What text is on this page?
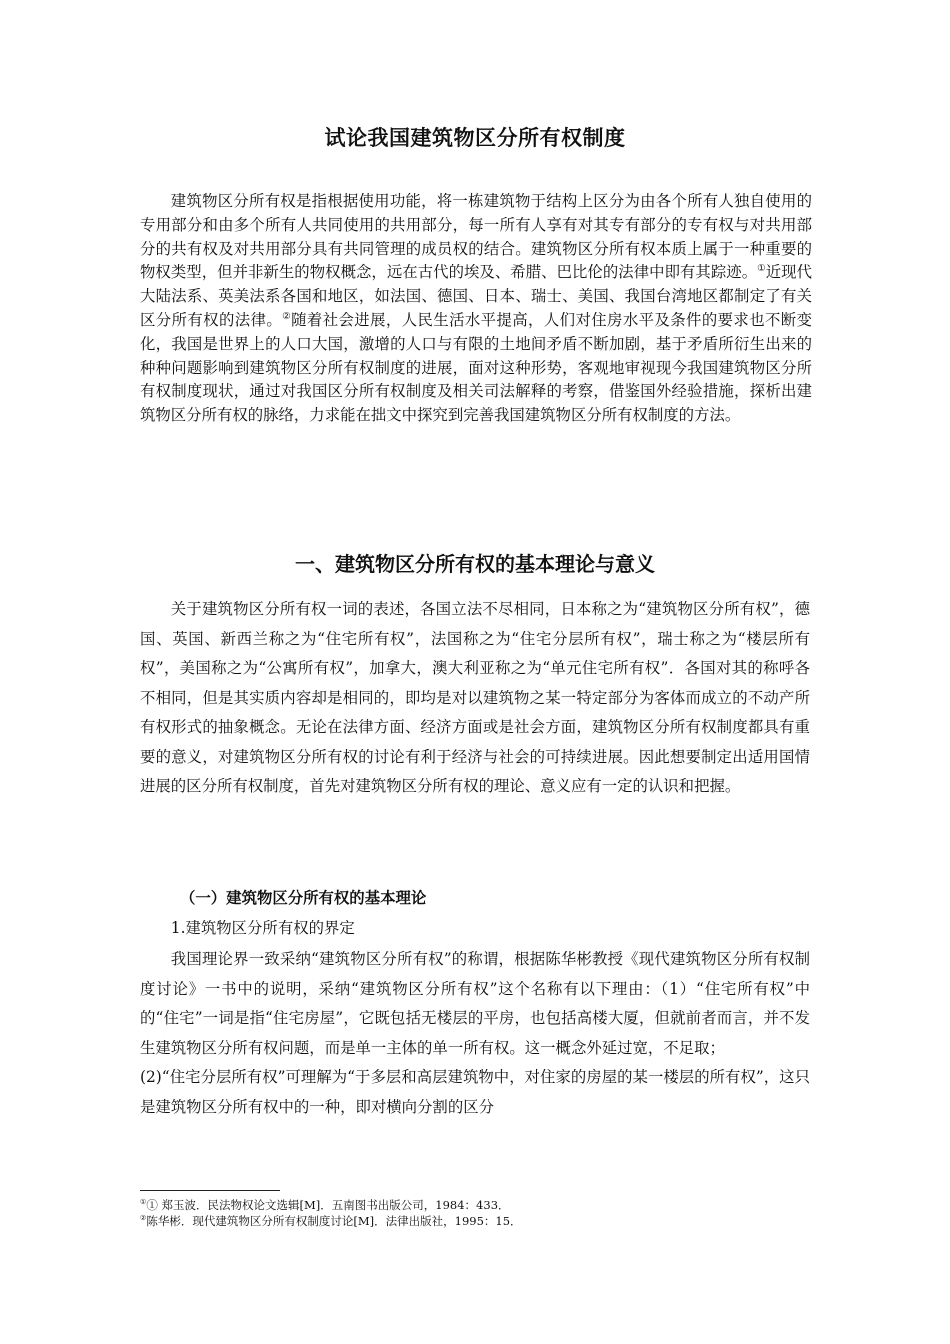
试论我国建筑物区分所有权制度

建筑物区分所有权是指根据使用功能，将一栋建筑物于结构上区分为由各个所有人独自使用的专用部分和由多个所有人共同使用的共用部分，每一所有人享有对其专有部分的专有权与对共用部分的共有权及对共用部分具有共同管理的成员权的结合。建筑物区分所有权本质上属于一种重要的物权类型，但并非新生的物权概念，远在古代的埃及、希腊、巴比伦的法律中即有其踪迹。①近现代大陆法系、英美法系各国和地区，如法国、德国、日本、瑞士、美国、我国台湾地区都制定了有关区分所有权的法律。②随着社会进展，人民生活水平提高，人们对住房水平及条件的要求也不断变化，我国是世界上的人口大国，激增的人口与有限的土地间矛盾不断加剧，基于矛盾所衍生出来的种种问题影响到建筑物区分所有权制度的进展，面对这种形势，客观地审视现今我国建筑物区分所有权制度现状，通过对我国区分所有权制度及相关司法解释的考察，借鉴国外经验措施，探析出建筑物区分所有权的脉络，力求能在拙文中探究到完善我国建筑物区分所有权制度的方法。

一、建筑物区分所有权的基本理论与意义

关于建筑物区分所有权一词的表述，各国立法不尽相同，日本称之为“建筑物区分所有权”，德国、英国、新西兰称之为“住宅所有权”，法国称之为“住宅分层所有权”，瑞士称之为“楼层所有权”，美国称之为“公寓所有权”，加拿大，澳大利亚称之为“单元住宅所有权”．各国对其的称呼各不相同，但是其实质内容却是相同的，即均是对以建筑物之某一特定部分为客体而成立的不动产所有权形式的抽象概念。无论在法律方面、经济方面或是社会方面，建筑物区分所有权制度都具有重要的意义，对建筑物区分所有权的讨论有利于经济与社会的可持续进展。因此想要制定出适用国情进展的区分所有权制度，首先对建筑物区分所有权的理论、意义应有一定的认识和把握。

（一）建筑物区分所有权的基本理论
1.建筑物区分所有权的界定

我国理论界一致采纳“建筑物区分所有权”的称谓，根据陈华彬教授《现代建筑物区分所有权制度讨论》一书中的说明，采纳“建筑物区分所有权”这个名称有以下理由：（1）“住宅所有权”中的“住宅”一词是指“住宅房屋”，它既包括无楼层的平房，也包括高楼大厦，但就前者而言，并不发生建筑物区分所有权问题，而是单一主体的单一所有权。这一概念外延过宽，不足取；

(2)“住宅分层所有权”可理解为“于多层和高层建筑物中，对住家的房屋的某一楼层的所有权”，这只是建筑物区分所有权中的一种，即对横向分割的区分

①① 郑玉波．民法物权论文选辑[M]．五南图书出版公司，1984：433．
②陈华彬．现代建筑物区分所有权制度讨论[M]．法律出版社，1995：15．
